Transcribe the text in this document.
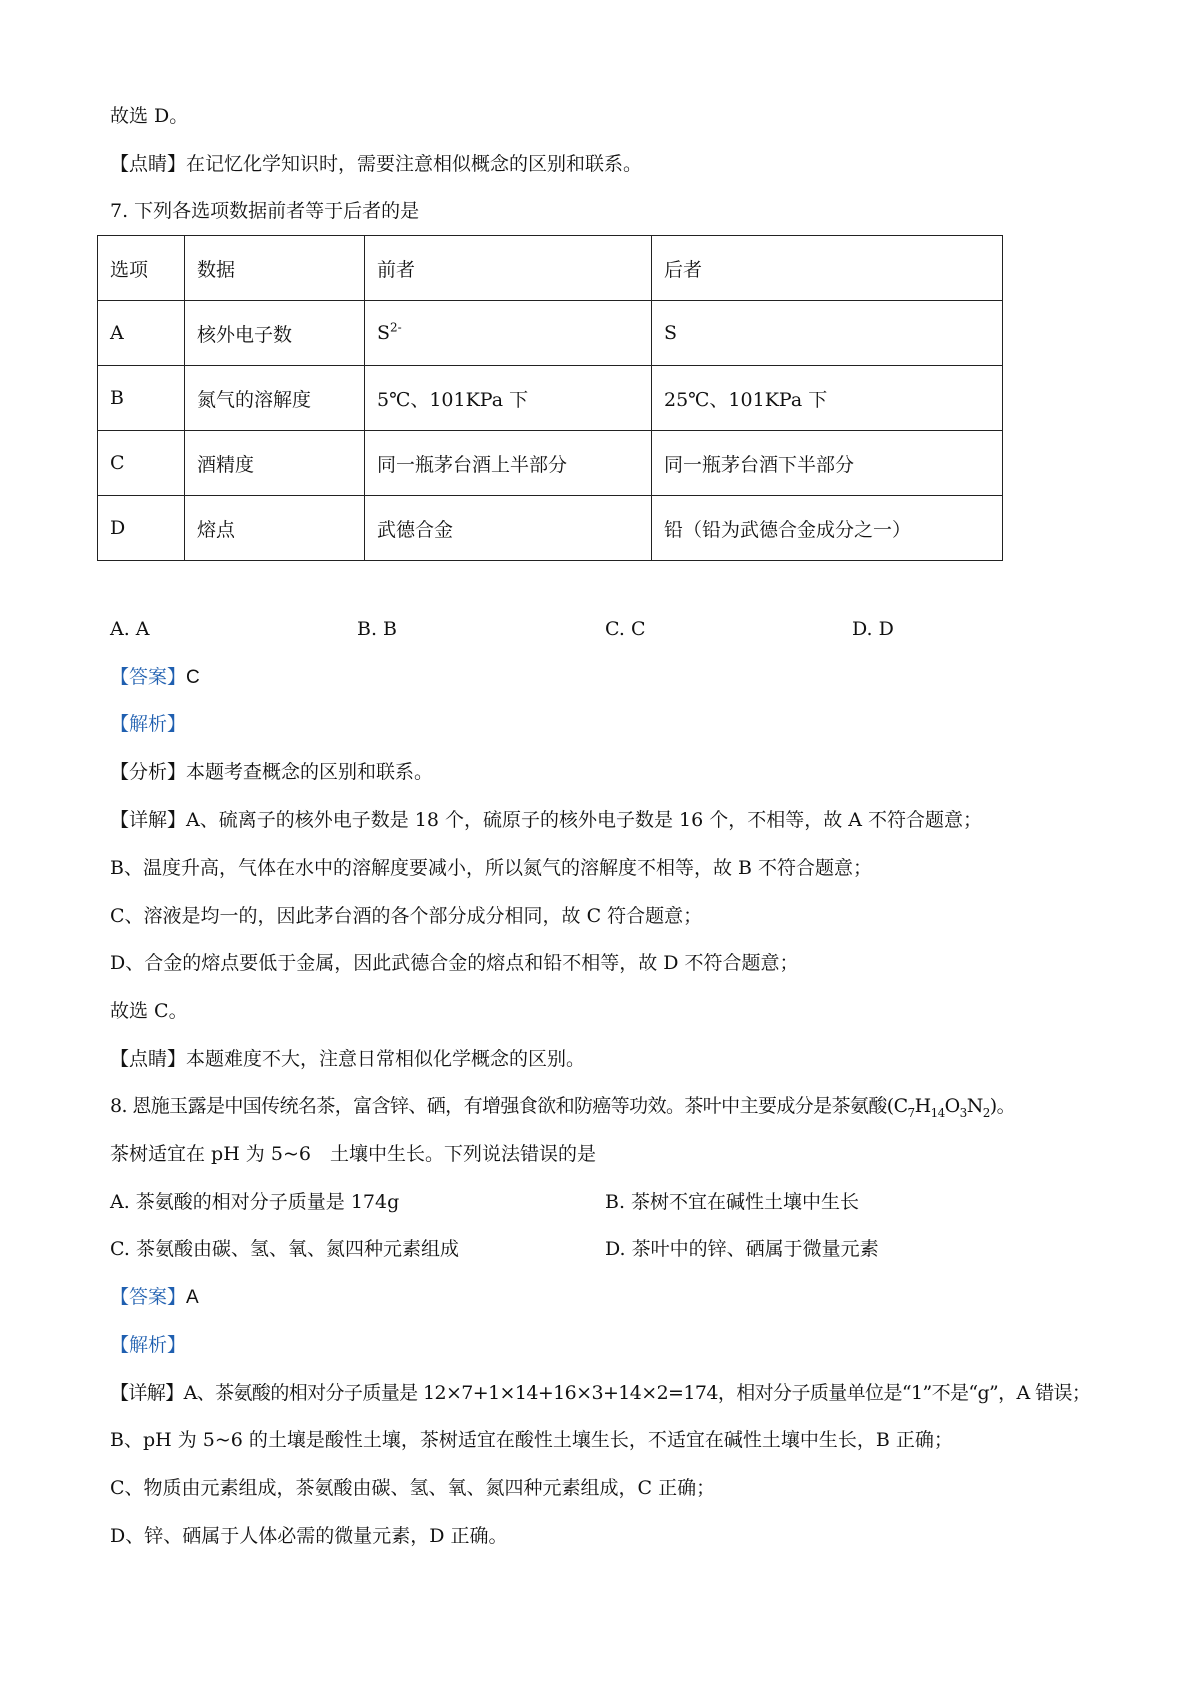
故选 D。
【点睛】在记忆化学知识时，需要注意相似概念的区别和联系。
7. 下列各选项数据前者等于后者的是
选项	数据	前者	后者
A	核外电子数	$S^{2-}$	S
B	氮气的溶解度	5℃、101KPa 下	25℃、101KPa 下
C	酒精度	同一瓶茅台酒上半部分	同一瓶茅台酒下半部分
D	熔点	武德合金	铅（铅为武德合金成分之一）
A. A	B. B	C. C	D. D
【答案】C
【解析】
【分析】本题考查概念的区别和联系。
【详解】A、硫离子的核外电子数是 18 个，硫原子的核外电子数是 16 个，不相等，故 A 不符合题意；
B、温度升高，气体在水中的溶解度要减小，所以氮气的溶解度不相等，故 B 不符合题意；
C、溶液是均一的，因此茅台酒的各个部分成分相同，故 C 符合题意；
D、合金的熔点要低于金属，因此武德合金的熔点和铅不相等，故 D 不符合题意；
故选 C。
【点睛】本题难度不大，注意日常相似化学概念的区别。
8. 恩施玉露是中国传统名茶，富含锌、硒，有增强食欲和防癌等功效。茶叶中主要成分是茶氨酸$(C_7H_{14}O_3N_2)$。
茶树适宜在 pH 为 5~6　土壤中生长。下列说法错误的是
A. 茶氨酸的相对分子质量是 174g	B. 茶树不宜在碱性土壤中生长
C. 茶氨酸由碳、氢、氧、氮四种元素组成	D. 茶叶中的锌、硒属于微量元素
【答案】A
【解析】
【详解】A、茶氨酸的相对分子质量是 12×7+1×14+16×3+14×2=174，相对分子质量单位是“1”不是“g”，A 错误；
B、pH 为 5~6 的土壤是酸性土壤，茶树适宜在酸性土壤生长，不适宜在碱性土壤中生长，B 正确；
C、物质由元素组成，茶氨酸由碳、氢、氧、氮四种元素组成，C 正确；
D、锌、硒属于人体必需的微量元素，D 正确。
